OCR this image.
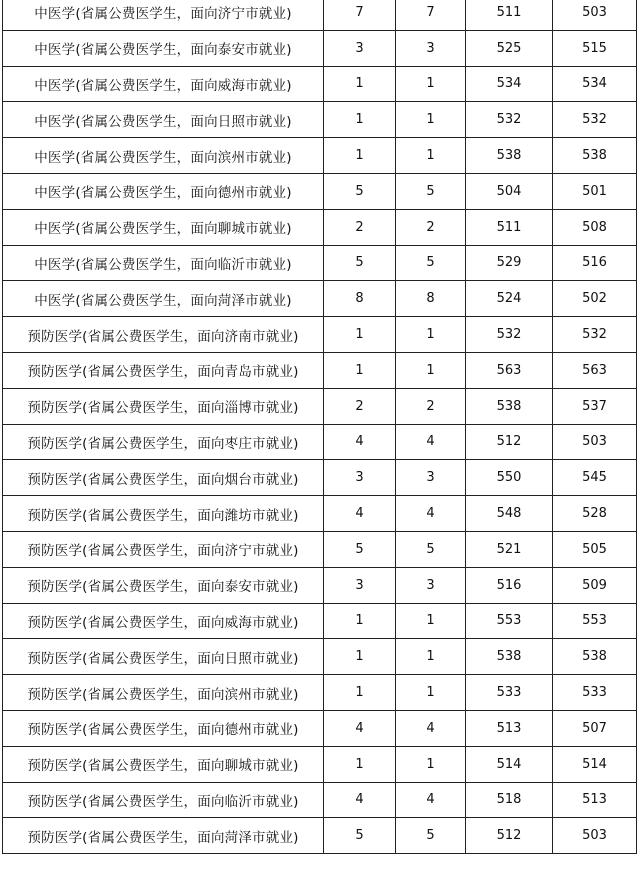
中医学(省属公费医学生，面向济宁市就业)	7	7	511	503
中医学(省属公费医学生，面向泰安市就业)	3	3	525	515
中医学(省属公费医学生，面向威海市就业)	1	1	534	534
中医学(省属公费医学生，面向日照市就业)	1	1	532	532
中医学(省属公费医学生，面向滨州市就业)	1	1	538	538
中医学(省属公费医学生，面向德州市就业)	5	5	504	501
中医学(省属公费医学生，面向聊城市就业)	2	2	511	508
中医学(省属公费医学生，面向临沂市就业)	5	5	529	516
中医学(省属公费医学生，面向菏泽市就业)	8	8	524	502
预防医学(省属公费医学生，面向济南市就业)	1	1	532	532
预防医学(省属公费医学生，面向青岛市就业)	1	1	563	563
预防医学(省属公费医学生，面向淄博市就业)	2	2	538	537
预防医学(省属公费医学生，面向枣庄市就业)	4	4	512	503
预防医学(省属公费医学生，面向烟台市就业)	3	3	550	545
预防医学(省属公费医学生，面向潍坊市就业)	4	4	548	528
预防医学(省属公费医学生，面向济宁市就业)	5	5	521	505
预防医学(省属公费医学生，面向泰安市就业)	3	3	516	509
预防医学(省属公费医学生，面向威海市就业)	1	1	553	553
预防医学(省属公费医学生，面向日照市就业)	1	1	538	538
预防医学(省属公费医学生，面向滨州市就业)	1	1	533	533
预防医学(省属公费医学生，面向德州市就业)	4	4	513	507
预防医学(省属公费医学生，面向聊城市就业)	1	1	514	514
预防医学(省属公费医学生，面向临沂市就业)	4	4	518	513
预防医学(省属公费医学生，面向菏泽市就业)	5	5	512	503
